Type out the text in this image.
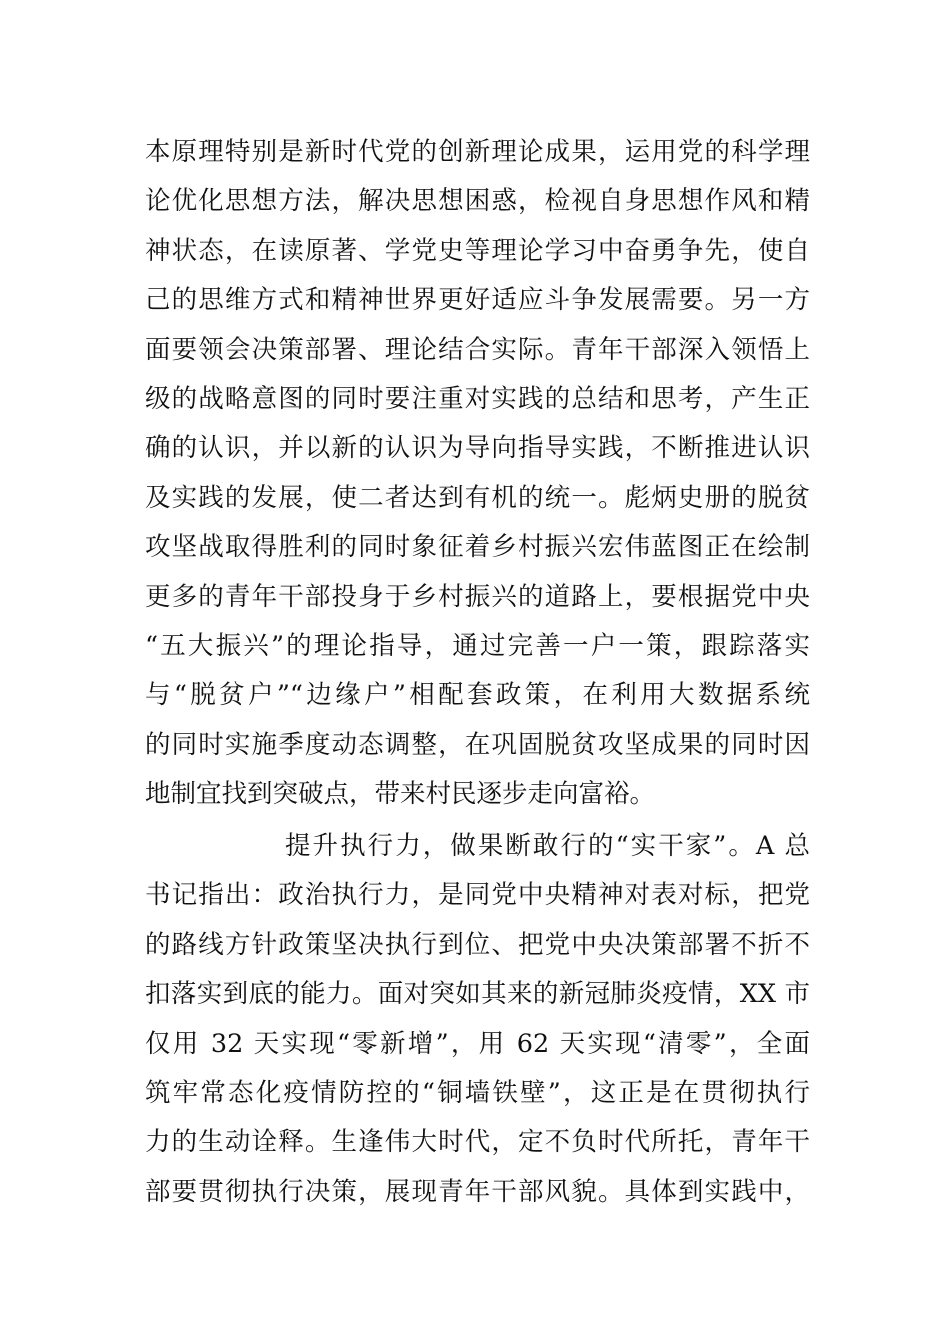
本原理特别是新时代党的创新理论成果，运用党的科学理
论优化思想方法，解决思想困惑，检视自身思想作风和精
神状态，在读原著、学党史等理论学习中奋勇争先，使自
己的思维方式和精神世界更好适应斗争发展需要。另一方
面要领会决策部署、理论结合实际。青年干部深入领悟上
级的战略意图的同时要注重对实践的总结和思考，产生正
确的认识，并以新的认识为导向指导实践，不断推进认识
及实践的发展，使二者达到有机的统一。彪炳史册的脱贫
攻坚战取得胜利的同时象征着乡村振兴宏伟蓝图正在绘制
更多的青年干部投身于乡村振兴的道路上，要根据党中央
“五大振兴”的理论指导，通过完善一户一策，跟踪落实
与“脱贫户”“边缘户”相配套政策，在利用大数据系统
的同时实施季度动态调整，在巩固脱贫攻坚成果的同时因
地制宜找到突破点，带来村民逐步走向富裕。
提升执行力，做果断敢行的“实干家”。A 总
书记指出：政治执行力，是同党中央精神对表对标，把党
的路线方针政策坚决执行到位、把党中央决策部署不折不
扣落实到底的能力。面对突如其来的新冠肺炎疫情，XX 市
仅用 32 天实现“零新增”，用 62 天实现“清零”，全面
筑牢常态化疫情防控的“铜墙铁壁”，这正是在贯彻执行
力的生动诠释。生逢伟大时代，定不负时代所托，青年干
部要贯彻执行决策，展现青年干部风貌。具体到实践中，
